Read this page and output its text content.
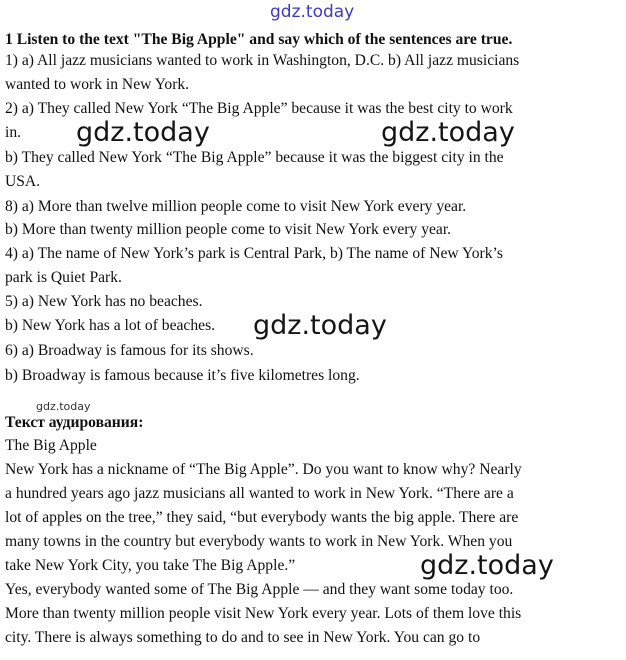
gdz.today
1 Listen to the text "The Big Apple" and say which of the sentences are true.
1) a) All jazz musicians wanted to work in Washington, D.C. b) All jazz musicians
wanted to work in New York.
2) a) They called New York “The Big Apple” because it was the best city to work
in.
b) They called New York “The Big Apple” because it was the biggest city in the
USA.
8) a) More than twelve million people come to visit New York every year.
b) More than twenty million people come to visit New York every year.
4) a) The name of New York’s park is Central Park, b) The name of New York’s
park is Quiet Park.
5) a) New York has no beaches.
b) New York has a lot of beaches.
6) a) Broadway is famous for its shows.
b) Broadway is famous because it’s five kilometres long.
gdz.today
Текст аудирования:
The Big Apple
New York has a nickname of “The Big Apple”. Do you want to know why? Nearly
a hundred years ago jazz musicians all wanted to work in New York. “There are a
lot of apples on the tree,” they said, “but everybody wants the big apple. There are
many towns in the country but everybody wants to work in New York. When you
take New York City, you take The Big Apple.”
Yes, everybody wanted some of The Big Apple — and they want some today too.
More than twenty million people visit New York every year. Lots of them love this
city. There is always something to do and to see in New York. You can go to
gdz.today	gdz.today
gdz.today
gdz.today
